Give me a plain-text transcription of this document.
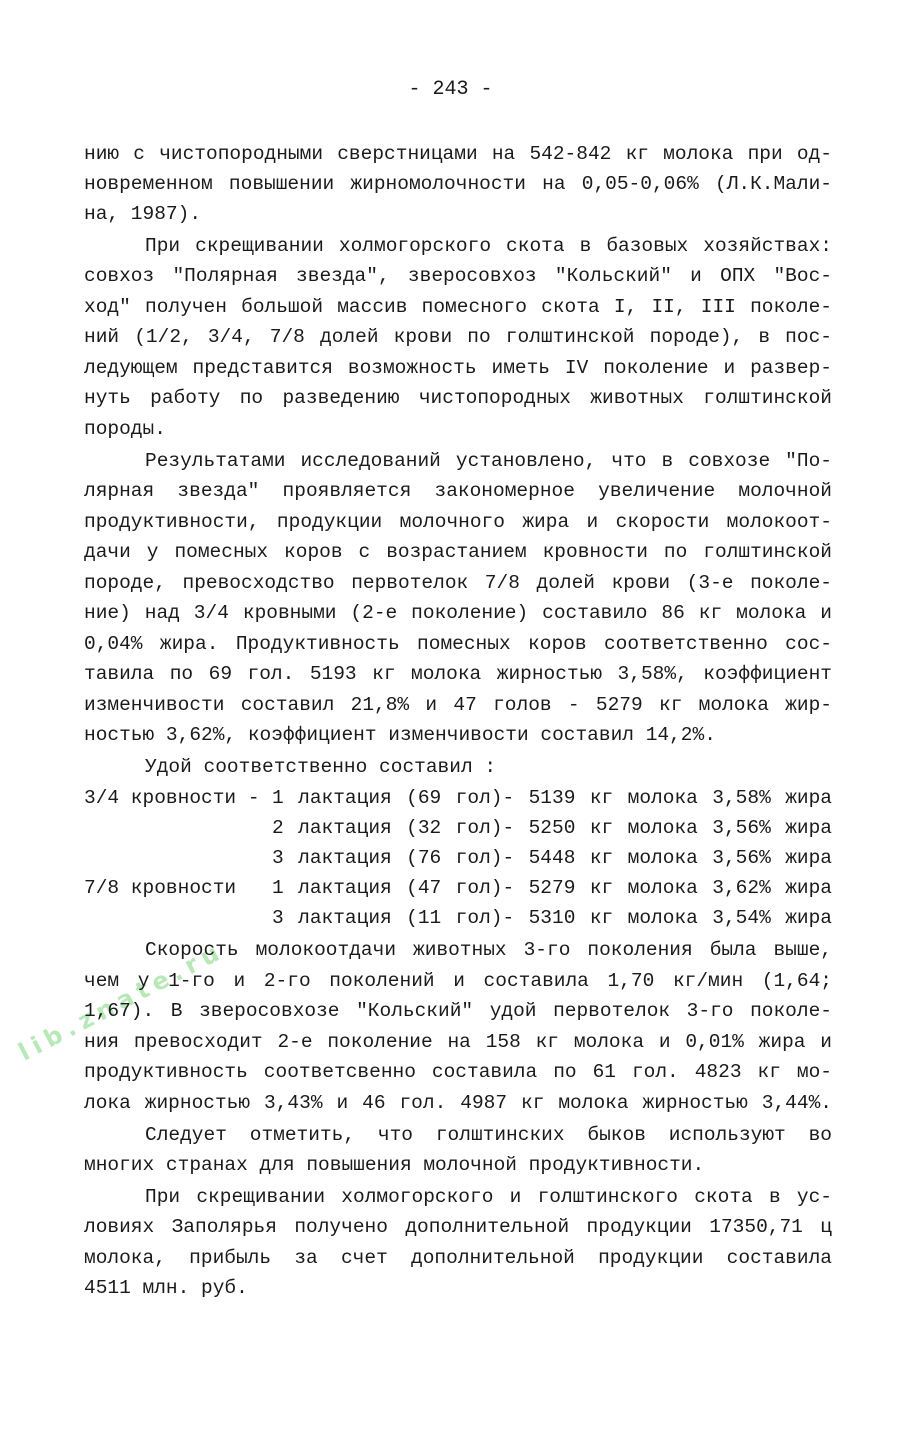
lib.znate.ru
- 243 -
нию с чистопородными сверстницами на 542-842 кг молока при од-
новременном повышении жирномолочности на 0,05-0,06% (Л.К.Мали-
на, 1987).
При скрещивании холмогорского скота в базовых хозяйствах:
совхоз "Полярная звезда", зверосовхоз "Кольский" и ОПХ "Вос-
ход" получен большой массив помесного скота I, II, III поколе-
ний (1/2, 3/4, 7/8 долей крови по голштинской породе), в пос-
ледующем представится возможность иметь IV поколение и развер-
нуть работу по разведению чистопородных животных голштинской
породы.
Результатами исследований установлено, что в совхозе "По-
лярная звезда" проявляется закономерное увеличение молочной
продуктивности, продукции молочного жира и скорости молокоот-
дачи у помесных коров с возрастанием кровности по голштинской
породе, превосходство первотелок 7/8 долей крови (3-е поколе-
ние) над 3/4 кровными (2-е поколение) составило 86 кг молока и
0,04% жира. Продуктивность помесных коров соответственно сос-
тавила по 69 гол. 5193 кг молока жирностью 3,58%, коэффициент
изменчивости составил 21,8% и 47 голов - 5279 кг молока жир-
ностью 3,62%, коэффициент изменчивости составил 14,2%.
Удой соответственно составил :
3/4 кровности - 1 лактация (69 гол)- 5139 кг молока 3,58% жира
2 лактация (32 гол)- 5250 кг молока 3,56% жира
3 лактация (76 гол)- 5448 кг молока 3,56% жира
7/8 кровности 1 лактация (47 гол)- 5279 кг молока 3,62% жира
3 лактация (11 гол)- 5310 кг молока 3,54% жира
Скорость молокоотдачи животных 3-го поколения была выше,
чем у 1-го и 2-го поколений и составила 1,70 кг/мин (1,64;
1,67). В зверосовхозе "Кольский" удой первотелок 3-го поколе-
ния превосходит 2-е поколение на 158 кг молока и 0,01% жира и
продуктивность соответсвенно составила по 61 гол. 4823 кг мо-
лока жирностью 3,43% и 46 гол. 4987 кг молока жирностью 3,44%.
Следует отметить, что голштинских быков используют во
многих странах для повышения молочной продуктивности.
При скрещивании холмогорского и голштинского скота в ус-
ловиях Заполярья получено дополнительной продукции 17350,71 ц
молока, прибыль за счет дополнительной продукции составила
4511 млн. руб.
